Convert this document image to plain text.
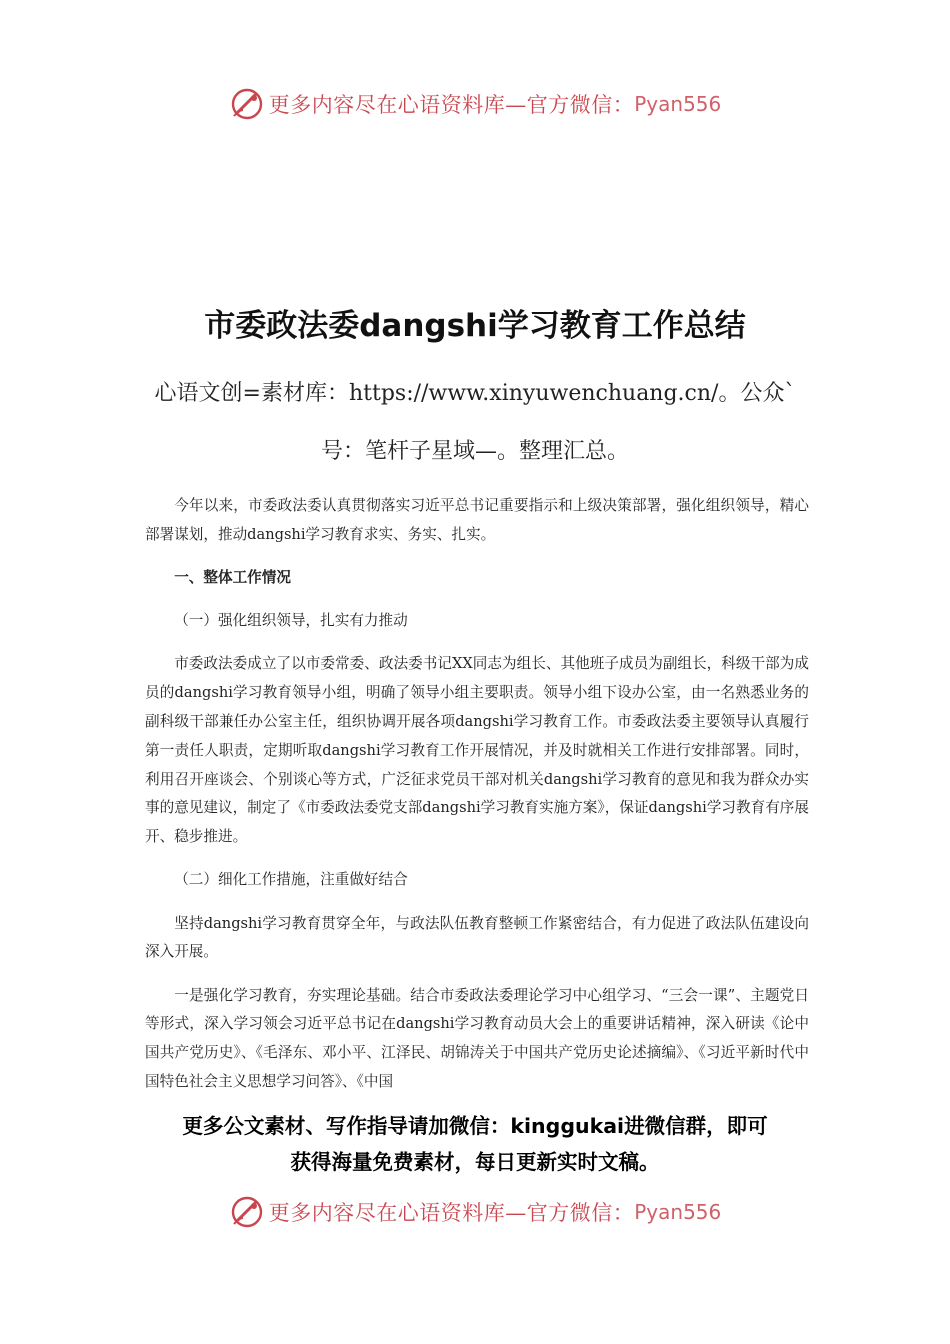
更多内容尽在心语资料库—官方微信： Pyan556
市委政法委dangshi学习教育工作总结
心语文创=素材库：https://www.xinyuwenchuang.cn/。公众`
号：笔杆子星域—。整理汇总。

今年以来，市委政法委认真贯彻落实习近平总书记重要指示和上级决策部署，强化组织领导，精心部署谋划，推动dangshi学习教育求实、务实、扎实。

一、整体工作情况

（一）强化组织领导，扎实有力推动

市委政法委成立了以市委常委、政法委书记XX同志为组长、其他班子成员为副组长，科级干部为成员的dangshi学习教育领导小组，明确了领导小组主要职责。领导小组下设办公室，由一名熟悉业务的副科级干部兼任办公室主任，组织协调开展各项dangshi学习教育工作。市委政法委主要领导认真履行第一责任人职责，定期听取dangshi学习教育工作开展情况，并及时就相关工作进行安排部署。同时，利用召开座谈会、个别谈心等方式，广泛征求党员干部对机关dangshi学习教育的意见和我为群众办实事的意见建议，制定了《市委政法委党支部dangshi学习教育实施方案》，保证dangshi学习教育有序展开、稳步推进。

（二）细化工作措施，注重做好结合

坚持dangshi学习教育贯穿全年，与政法队伍教育整顿工作紧密结合，有力促进了政法队伍建设向深入开展。

一是强化学习教育，夯实理论基础。结合市委政法委理论学习中心组学习、“三会一课”、主题党日等形式，深入学习领会习近平总书记在dangshi学习教育动员大会上的重要讲话精神，深入研读《论中国共产党历史》、《毛泽东、邓小平、江泽民、胡锦涛关于中国共产党历史论述摘编》、《习近平新时代中国特色社会主义思想学习问答》、《中国

更多公文素材、写作指导请加微信：kinggukai进微信群，即可
获得海量免费素材，每日更新实时文稿。
更多内容尽在心语资料库—官方微信： Pyan556
